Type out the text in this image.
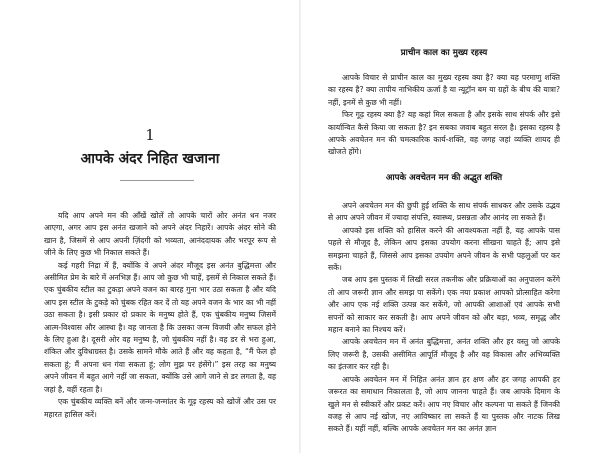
1
आपके अंदर निहित खजाना

यदि आप अपने मन की आँखें खोलें तो आपके चारों ओर अनंत धन नजर आएगा, अगर आप इस अनंत खजाने को अपने अंदर निहारें। आपके अंदर सोने की खान है, जिसमें से आप अपनी ज़िंदगी को भव्यता, आनंददायक और भरपूर रूप से जीने के लिए कुछ भी निकाल सकते हैं।

कई गहरी निद्रा में हैं, क्योंकि वे अपने अंदर मौजूद इस अनंत बुद्धिमत्ता और असीमित प्रेम के बारे में अनभिज्ञ हैं। आप जो कुछ भी चाहें, इसमें से निकाल सकते हैं। एक चुंबकीय स्टील का टुकड़ा अपने वजन का बारह गुना भार उठा सकता है और यदि आप इस स्टील के टुकड़े को चुंबक रहित कर दें तो यह अपने वजन के भार का भी नहीं उठा सकता है। इसी प्रकार दो प्रकार के मनुष्य होते हैं, एक चुंबकीय मनुष्य जिसमें आत्म-विश्वास और आस्था है। वह जानता है कि उसका जन्म विजयी और सफल होने के लिए हुआ है। दूसरी ओर वह मनुष्य है, जो चुंबकीय नहीं है। वह डर से भरा हुआ, शंकित और दुविधाग्रस्त है। उसके सामने मौके आते हैं और वह कहता है, “मैं फेल हो सकता हूं; मैं अपना धन गंवा सकता हूं; लोग मुझ पर हंसेंगे।” इस तरह का मनुष्य अपने जीवन में बहुत आगे नहीं जा सकता, क्योंकि उसे आगे जाने से डर लगता है, वह जहां है, वहीं रहता है।

एक चुंबकीय व्यक्ति बनें और जन्म-जन्मांतर के गूढ़ रहस्य को खोजें और उस पर महारत हासिल करें।

प्राचीन काल का मुख्य रहस्य

आपके विचार से प्राचीन काल का मुख्य रहस्य क्या है? क्या यह परमाणु शक्ति का रहस्य है? क्या तापीय नाभिकीय ऊर्जा है या न्यूट्रॉन बम या ग्रहों के बीच की यात्रा? नहीं, इनमें से कुछ भी नहीं।

फिर गूढ़ रहस्य क्या है? यह कहां मिल सकता है और इसके साथ संपर्क और इसे कार्यान्वित कैसे किया जा सकता है? इन सबका जवाब बहुत सरल है। इसका रहस्य है आपके अवचेतन मन की चमत्कारिक कार्य-शक्ति, वह जगह जहां व्यक्ति शायद ही खोजते होंगे।

आपके अवचेतन मन की अद्भुत शक्ति

अपने अवचेतन मन की छुपी हुई शक्ति के साथ संपर्क साधकर और उसके उद्भव से आप अपने जीवन में ज्यादा संपत्ति, स्वास्थ्य, प्रसन्नता और आनंद ला सकते हैं।

आपको इस शक्ति को हासिल करने की आवश्यकता नहीं है, यह आपके पास पहले से मौजूद है, लेकिन आप इसका उपयोग करना सीखना चाहते हैं; आप इसे समझना चाहते हैं, जिससे आप इसका उपयोग अपने जीवन के सभी पहलुओं पर कर सकें।

जब आप इस पुस्तक में लिखी सरल तकनीक और प्रक्रियाओं का अनुपालन करेंगे तो आप जरूरी ज्ञान और समझ पा सकेंगे। एक नया प्रकाश आपको प्रोत्साहित करेगा और आप एक नई शक्ति उत्पन्न कर सकेंगे, जो आपकी आशाओं एवं आपके सभी सपनों को साकार कर सकती है। आप अपने जीवन को और बड़ा, भव्य, समृद्ध और महान बनाने का निश्चय करें।

आपके अवचेतन मन में अनंत बुद्धिमत्ता, अनंत शक्ति और हर वस्तु जो आपके लिए जरूरी है, उसकी असीमित आपूर्ति मौजूद है और वह विकास और अभिव्यक्ति का इंतजार कर रही है।

आपके अवचेतन मन में निहित अनंत ज्ञान हर क्षण और हर जगह आपकी हर जरूरत का समाधान निकालता है, जो आप जानना चाहते हैं। जब आपके दिमाग के खुले मन से स्वीकारें और प्रकट करें। आप नए विचार और कल्पना पा सकते हैं जिनकी वजह से आप नई खोज, नए आविष्कार ला सकते हैं या पुस्तक और नाटक लिख सकते हैं। यहीं नहीं, बल्कि आपके अवचेतन मन का अनंत ज्ञान
